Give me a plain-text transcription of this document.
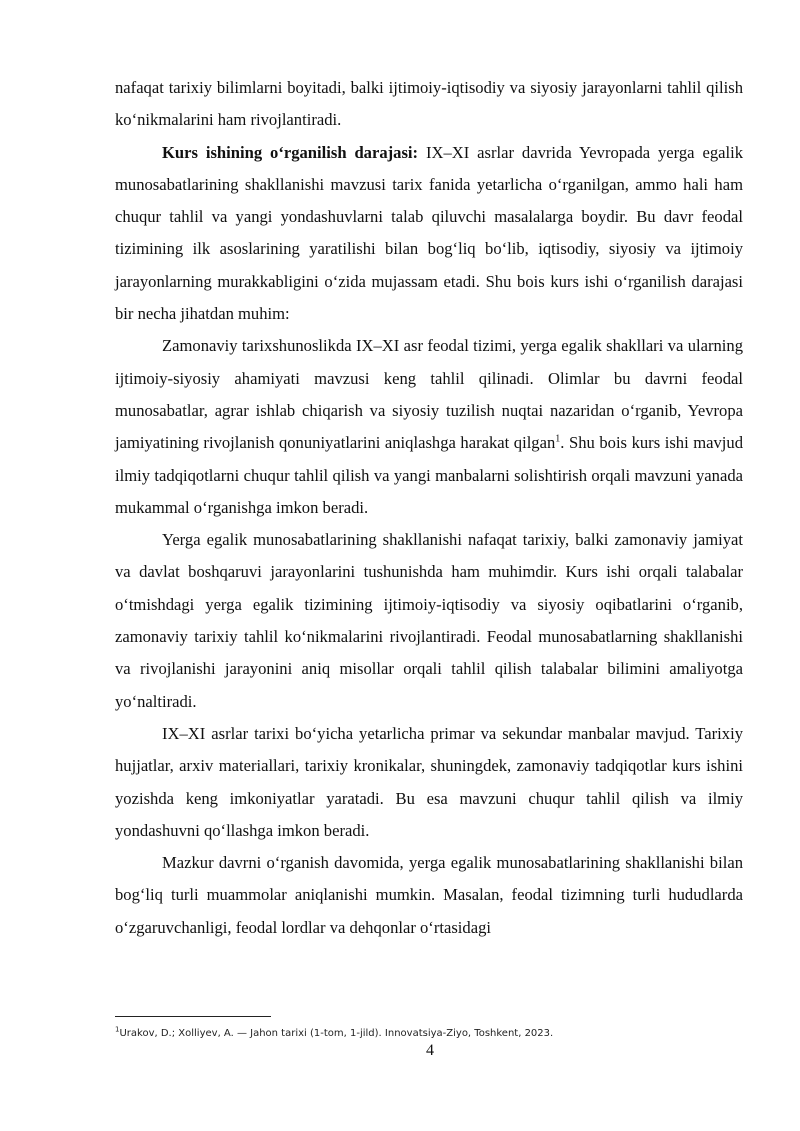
nafaqat tarixiy bilimlarni boyitadi, balki ijtimoiy-iqtisodiy va siyosiy jarayonlarni tahlil qilish koʻnikmalarini ham rivojlantiradi.

Kurs ishining oʻrganilish darajasi: IX–XI asrlar davrida Yevropada yerga egalik munosabatlarining shakllanishi mavzusi tarix fanida yetarlicha oʻrganilgan, ammo hali ham chuqur tahlil va yangi yondashuvlarni talab qiluvchi masalalarga boydir. Bu davr feodal tizimining ilk asoslarining yaratilishi bilan bogʻliq boʻlib, iqtisodiy, siyosiy va ijtimoiy jarayonlarning murakkabligini oʻzida mujassam etadi. Shu bois kurs ishi oʻrganilish darajasi bir necha jihatdan muhim:

Zamonaviy tarixshunoslikda IX–XI asr feodal tizimi, yerga egalik shakllari va ularning ijtimoiy-siyosiy ahamiyati mavzusi keng tahlil qilinadi. Olimlar bu davrni feodal munosabatlar, agrar ishlab chiqarish va siyosiy tuzilish nuqtai nazaridan oʻrganib, Yevropa jamiyatining rivojlanish qonuniyatlarini aniqlashga harakat qilgan$^1$. Shu bois kurs ishi mavjud ilmiy tadqiqotlarni chuqur tahlil qilish va yangi manbalarni solishtirish orqali mavzuni yanada mukammal oʻrganishga imkon beradi.

Yerga egalik munosabatlarining shakllanishi nafaqat tarixiy, balki zamonaviy jamiyat va davlat boshqaruvi jarayonlarini tushunishda ham muhimdir. Kurs ishi orqali talabalar oʻtmishdagi yerga egalik tizimining ijtimoiy-iqtisodiy va siyosiy oqibatlarini oʻrganib, zamonaviy tarixiy tahlil koʻnikmalarini rivojlantiradi. Feodal munosabatlarning shakllanishi va rivojlanishi jarayonini aniq misollar orqali tahlil qilish talabalar bilimini amaliyotga yoʻnaltiradi.

IX–XI asrlar tarixi boʻyicha yetarlicha primar va sekundar manbalar mavjud. Tarixiy hujjatlar, arxiv materiallari, tarixiy kronikalar, shuningdek, zamonaviy tadqiqotlar kurs ishini yozishda keng imkoniyatlar yaratadi. Bu esa mavzuni chuqur tahlil qilish va ilmiy yondashuvni qoʻllashga imkon beradi.

Mazkur davrni oʻrganish davomida, yerga egalik munosabatlarining shakllanishi bilan bogʻliq turli muammolar aniqlanishi mumkin. Masalan, feodal tizimning turli hududlarda oʻzgaruvchanligi, feodal lordlar va dehqonlar oʻrtasidagi

$^1$Urakov, D.; Xolliyev, A. — Jahon tarixi (1-tom, 1-jild). Innovatsiya-Ziyo, Toshkent, 2023.
4
